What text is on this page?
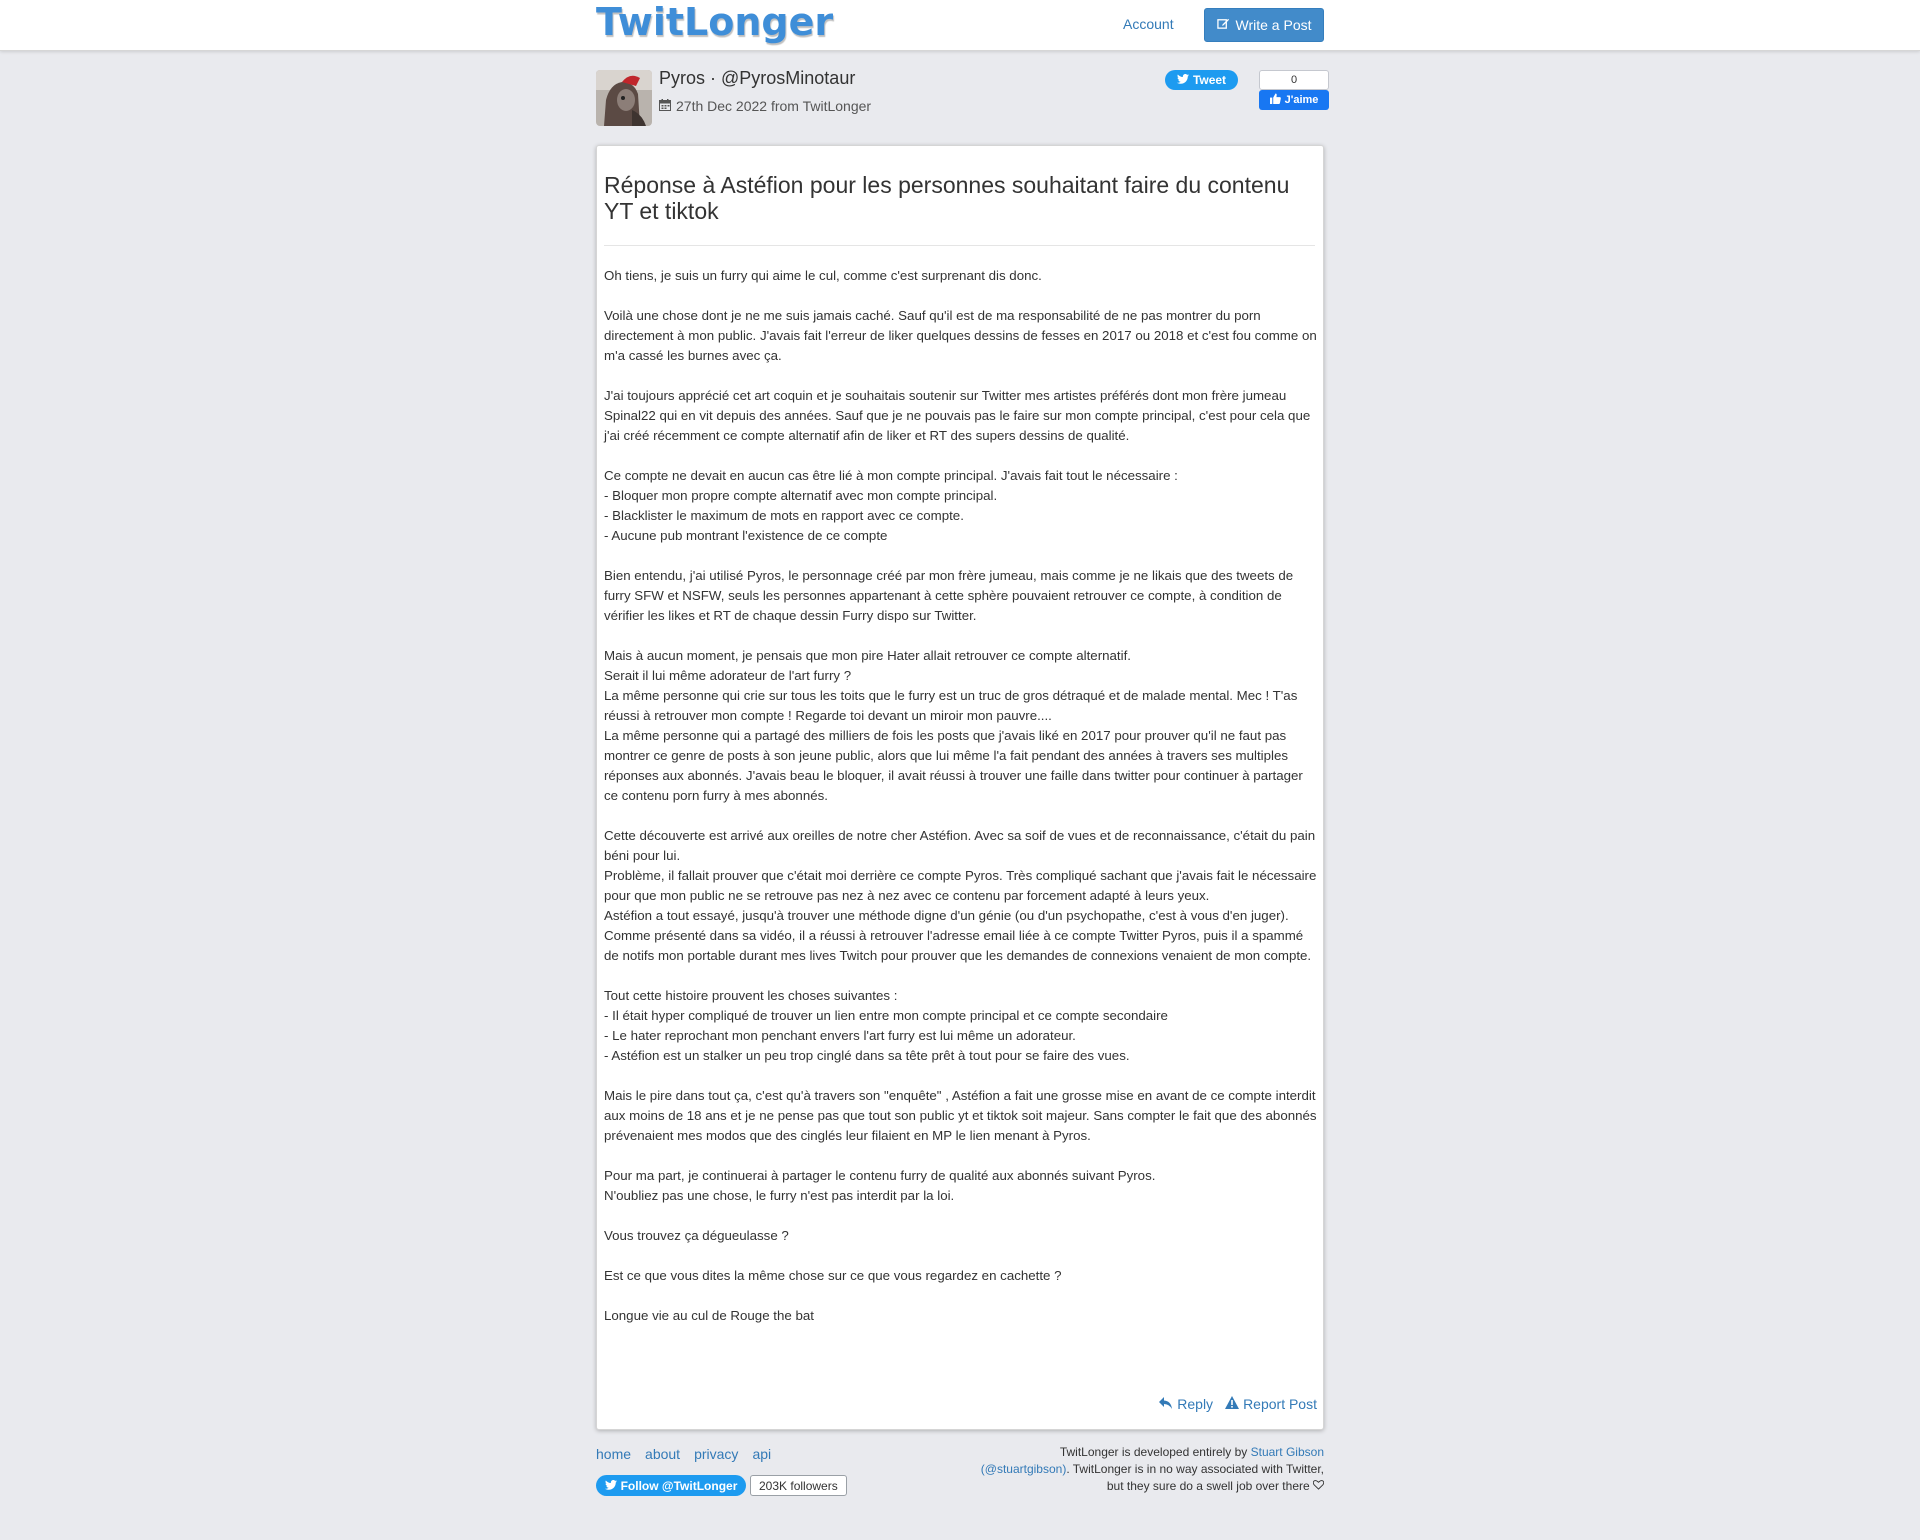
TwitLonger	Account	Write a Post
Pyros · @PyrosMinotaur
27th Dec 2022 from TwitLonger
Tweet	0
J'aime
Réponse à Astéfion pour les personnes souhaitant faire du contenu YT et tiktok

Oh tiens, je suis un furry qui aime le cul, comme c'est surprenant dis donc.

Voilà une chose dont je ne me suis jamais caché. Sauf qu'il est de ma responsabilité de ne pas montrer du porn directement à mon public. J'avais fait l'erreur de liker quelques dessins de fesses en 2017 ou 2018 et c'est fou comme on m'a cassé les burnes avec ça.

J'ai toujours apprécié cet art coquin et je souhaitais soutenir sur Twitter mes artistes préférés dont mon frère jumeau Spinal22 qui en vit depuis des années. Sauf que je ne pouvais pas le faire sur mon compte principal, c'est pour cela que j'ai créé récemment ce compte alternatif afin de liker et RT des supers dessins de qualité.

Ce compte ne devait en aucun cas être lié à mon compte principal. J'avais fait tout le nécessaire :
- Bloquer mon propre compte alternatif avec mon compte principal.
- Blacklister le maximum de mots en rapport avec ce compte.
- Aucune pub montrant l'existence de ce compte

Bien entendu, j'ai utilisé Pyros, le personnage créé par mon frère jumeau, mais comme je ne likais que des tweets de furry SFW et NSFW, seuls les personnes appartenant à cette sphère pouvaient retrouver ce compte, à condition de vérifier les likes et RT de chaque dessin Furry dispo sur Twitter.

Mais à aucun moment, je pensais que mon pire Hater allait retrouver ce compte alternatif.
Serait il lui même adorateur de l'art furry ?
La même personne qui crie sur tous les toits que le furry est un truc de gros détraqué et de malade mental. Mec ! T'as réussi à retrouver mon compte ! Regarde toi devant un miroir mon pauvre....
La même personne qui a partagé des milliers de fois les posts que j'avais liké en 2017 pour prouver qu'il ne faut pas montrer ce genre de posts à son jeune public, alors que lui même l'a fait pendant des années à travers ses multiples réponses aux abonnés. J'avais beau le bloquer, il avait réussi à trouver une faille dans twitter pour continuer à partager ce contenu porn furry à mes abonnés.

Cette découverte est arrivé aux oreilles de notre cher Astéfion. Avec sa soif de vues et de reconnaissance, c'était du pain béni pour lui.
Problème, il fallait prouver que c'était moi derrière ce compte Pyros. Très compliqué sachant que j'avais fait le nécessaire pour que mon public ne se retrouve pas nez à nez avec ce contenu par forcement adapté à leurs yeux.
Astéfion a tout essayé, jusqu'à trouver une méthode digne d'un génie (ou d'un psychopathe, c'est à vous d'en juger).
Comme présenté dans sa vidéo, il a réussi à retrouver l'adresse email liée à ce compte Twitter Pyros, puis il a spammé de notifs mon portable durant mes lives Twitch pour prouver que les demandes de connexions venaient de mon compte.

Tout cette histoire prouvent les choses suivantes :
- Il était hyper compliqué de trouver un lien entre mon compte principal et ce compte secondaire
- Le hater reprochant mon penchant envers l'art furry est lui même un adorateur.
- Astéfion est un stalker un peu trop cinglé dans sa tête prêt à tout pour se faire des vues.

Mais le pire dans tout ça, c'est qu'à travers son "enquête" , Astéfion a fait une grosse mise en avant de ce compte interdit aux moins de 18 ans et je ne pense pas que tout son public yt et tiktok soit majeur. Sans compter le fait que des abonnés prévenaient mes modos que des cinglés leur filaient en MP le lien menant à Pyros.

Pour ma part, je continuerai à partager le contenu furry de qualité aux abonnés suivant Pyros.
N'oubliez pas une chose, le furry n'est pas interdit par la loi.

Vous trouvez ça dégueulasse ?

Est ce que vous dites la même chose sur ce que vous regardez en cachette ?

Longue vie au cul de Rouge the bat

Reply Report Post
home about privacy api
Follow @TwitLonger	203K followers
TwitLonger is developed entirely by Stuart Gibson
(@stuartgibson). TwitLonger is in no way associated with Twitter,
but they sure do a swell job over there
